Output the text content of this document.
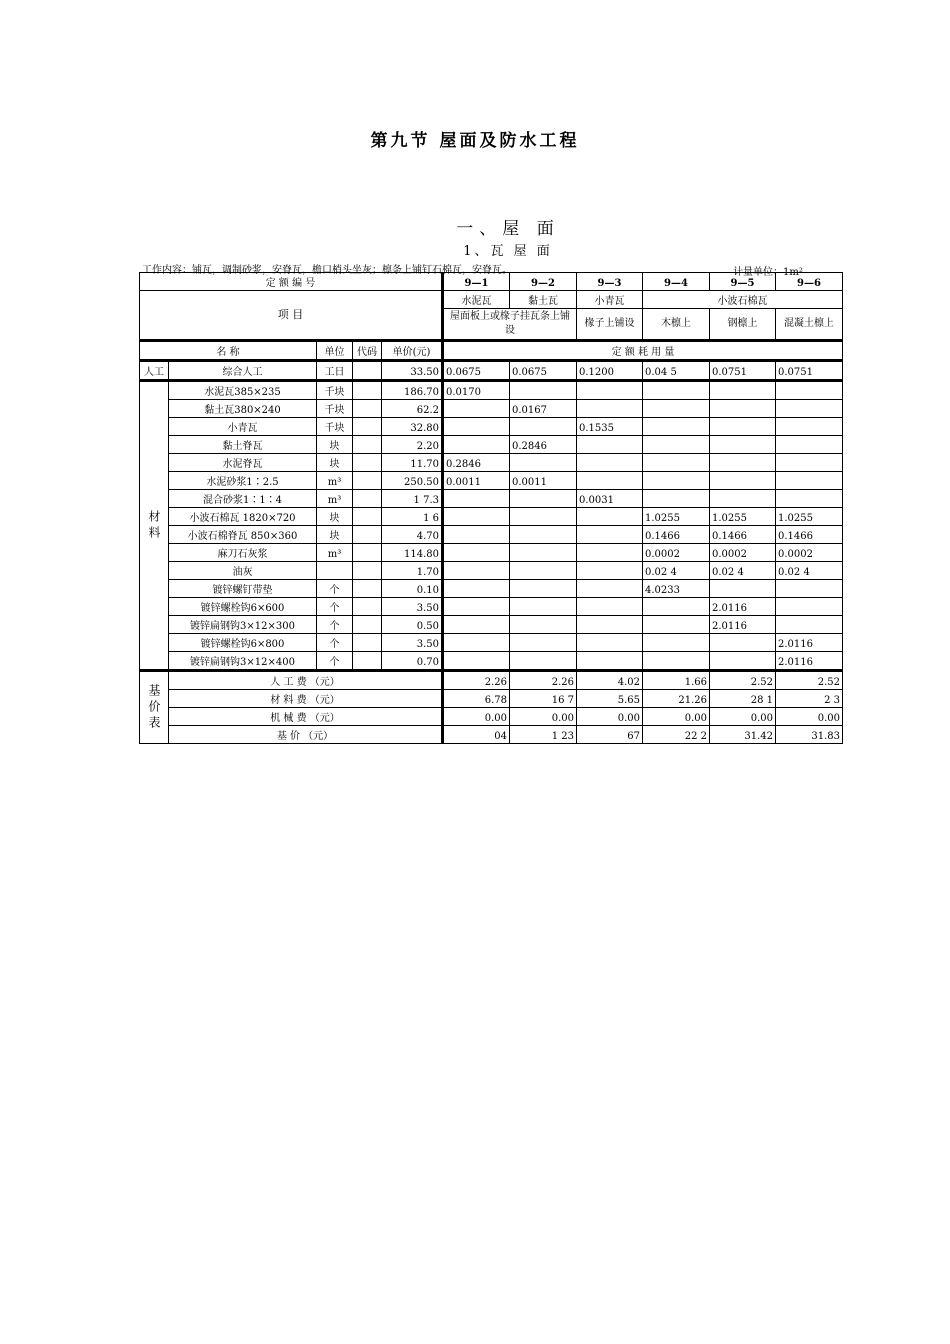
第九节 屋面及防水工程
一、屋 面
1、瓦 屋 面
工作内容：铺瓦，调制砂浆，安脊瓦，檐口梢头坐灰；檩条上铺钉石棉瓦，安脊瓦。	计量单位：1m²
定 额 编 号					9—1	9—2	9—3	9—4	9—5	9—6
项 目					水泥瓦	黏土瓦	小青瓦	小波石棉瓦		
					屋面板上或椽子挂瓦条上铺设		椽子上铺设	木檩上	钢檩上	混凝土檩上
名 称		单位	代码	单价(元)	定 额 耗 用 量					
人工	综合人工	工日		33.50	0.0675	0.0675	0.1200	0.04 5	0.0751	0.0751
材料	水泥瓦385×235	千块		186.70	0.0170					
	黏土瓦380×240	千块		62.2		0.0167				
	小青瓦	千块		32.80			0.1535			
	黏土脊瓦	块		2.20		0.2846				
	水泥脊瓦	块		11.70	0.2846					
	水泥砂浆1∶2.5	m³		250.50	0.0011	0.0011				
	混合砂浆1∶1∶4	m³		1 7.3			0.0031			
	小波石棉瓦 1820×720	块		1 6				1.0255	1.0255	1.0255
	小波石棉脊瓦 850×360	块		4.70				0.1466	0.1466	0.1466
	麻刀石灰浆	m³		114.80				0.0002	0.0002	0.0002
	油灰			1.70				0.02 4	0.02 4	0.02 4
	镀锌螺钉带垫	个		0.10				4.0233		
	镀锌螺栓钩6×600	个		3.50					2.0116	
	镀锌扁钢钩3×12×300	个		0.50					2.0116	
	镀锌螺栓钩6×800	个		3.50						2.0116
	镀锌扁钢钩3×12×400	个		0.70						2.0116
基价表	人 工 费 （元）				2.26	2.26	4.02	1.66	2.52	2.52
	材 料 费 （元）				6.78	16 7	5.65	21.26	28 1	2 3
	机 械 费 （元）				0.00	0.00	0.00	0.00	0.00	0.00
	基 价 （元）				04	1 23	67	22 2	31.42	31.83
